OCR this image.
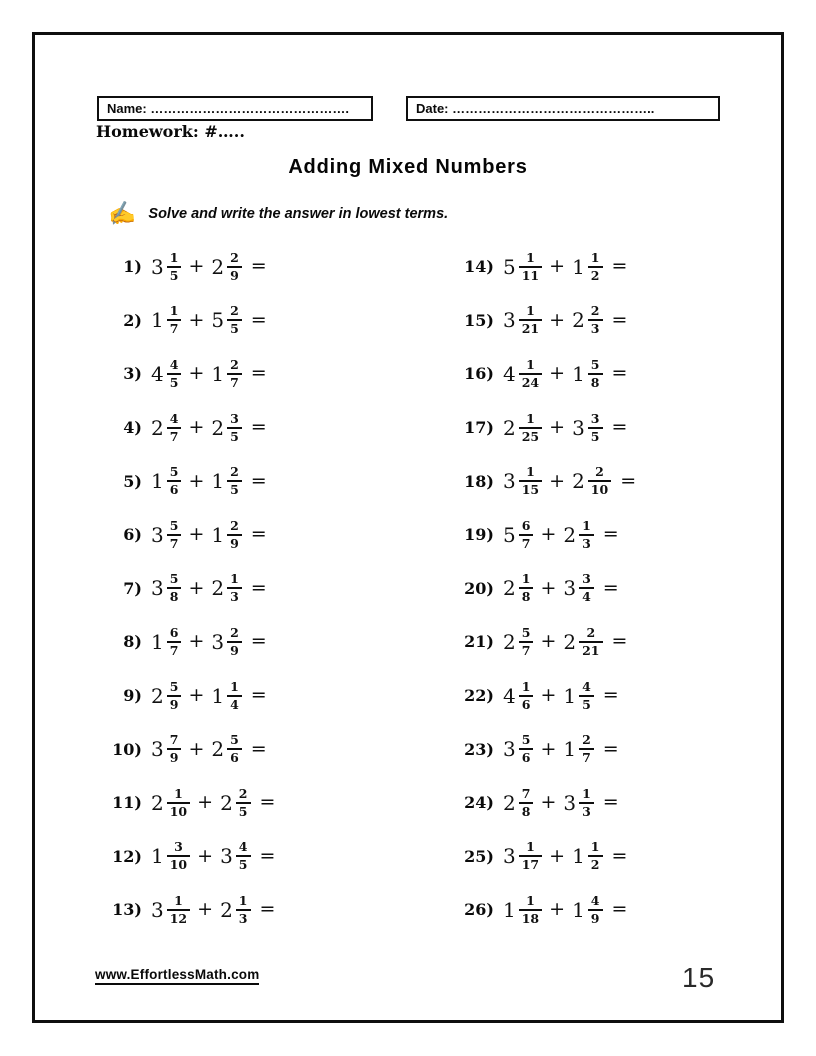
Name: ……………………………………….	Date: ………………………………………..
Homework: #…..
Adding Mixed Numbers
✍ Solve and write the answer in lowest terms.
1) $3 \frac{1}{5} + 2 \frac{2}{9}$ =
2) $1 \frac{1}{7} + 5 \frac{2}{5}$ =
3) $4 \frac{4}{5} + 1 \frac{2}{7}$ =
4) $2 \frac{4}{7} + 2 \frac{3}{5}$ =
5) $1 \frac{5}{6} + 1 \frac{2}{5}$ =
6) $3 \frac{5}{7} + 1 \frac{2}{9}$ =
7) $3 \frac{5}{8} + 2 \frac{1}{3}$ =
8) $1 \frac{6}{7} + 3 \frac{2}{9}$ =
9) $2 \frac{5}{9} + 1 \frac{1}{4}$ =
10) $3 \frac{7}{9} + 2 \frac{5}{6}$ =
11) $2 \frac{1}{10} + 2 \frac{2}{5}$ =
12) $1 \frac{3}{10} + 3 \frac{4}{5}$ =
13) $3 \frac{1}{12} + 2 \frac{1}{3}$ =
14) $5 \frac{1}{11} + 1 \frac{1}{2}$ =
15) $3 \frac{1}{21} + 2 \frac{2}{3}$ =
16) $4 \frac{1}{24} + 1 \frac{5}{8}$ =
17) $2 \frac{1}{25} + 3 \frac{3}{5}$ =
18) $3 \frac{1}{15} + 2 \frac{2}{10}$ =
19) $5 \frac{6}{7} + 2 \frac{1}{3}$ =
20) $2 \frac{1}{8} + 3 \frac{3}{4}$ =
21) $2 \frac{5}{7} + 2 \frac{2}{21}$ =
22) $4 \frac{1}{6} + 1 \frac{4}{5}$ =
23) $3 \frac{5}{6} + 1 \frac{2}{7}$ =
24) $2 \frac{7}{8} + 3 \frac{1}{3}$ =
25) $3 \frac{1}{17} + 1 \frac{1}{2}$ =
26) $1 \frac{1}{18} + 1 \frac{4}{9}$ =
www.EffortlessMath.com	15
